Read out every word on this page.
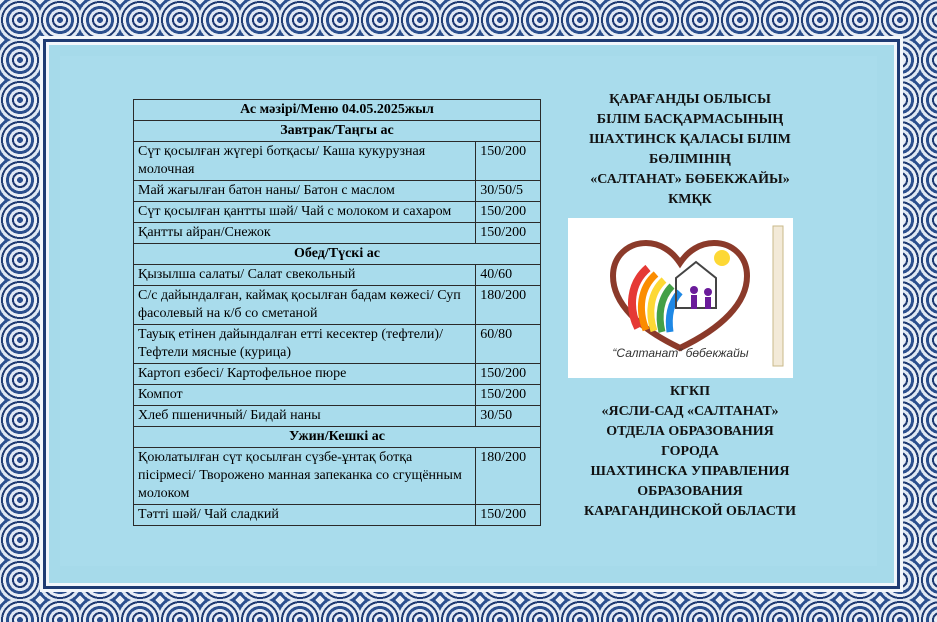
Ас мәзірі/Меню 04.05.2025жыл	
Завтрак/Таңгы ас	
Сүт қосылған жүгері ботқасы/ Каша кукурузная молочная	150/200
Май жағылған батон наны/ Батон с маслом	30/50/5
Сүт қосылған қантты шәй/ Чай с молоком и сахаром	150/200
Қантты айран/Снежок	150/200
Обед/Түскі ас	
Қызылша салаты/ Салат свекольный	40/60
С/с дайындалған, каймақ қосылған бадам көжесі/ Суп фасолевый на к/б со сметаной	180/200
Тауық етінен дайындалған етті кесектер (тефтели)/ Тефтели мясные (курица)	60/80
Картоп езбесі/ Картофельное пюре	150/200
Компот	150/200
Хлеб пшеничный/ Бидай наны	30/50
Ужин/Кешкі ас	
Қоюлатылған сүт қосылған сүзбе-ұнтақ ботқа пісірмесі/ Творожено манная запеканка со сгущённым молоком	180/200
Тәтті шәй/ Чай сладкий	150/200
ҚАРАҒАНДЫ ОБЛЫСЫ
БІЛІМ БАСҚАРМАСЫНЫҢ
ШАХТИНСК ҚАЛАСЫ БІЛІМ
БӨЛІМІНІҢ
«САЛТАНАТ» БӨБЕКЖАЙЫ»
КМҚК
“Салтанат” бөбекжайы
КГКП
«ЯСЛИ-САД «САЛТАНАТ»
ОТДЕЛА ОБРАЗОВАНИЯ
ГОРОДА
ШАХТИНСКА УПРАВЛЕНИЯ
ОБРАЗОВАНИЯ
КАРАГАНДИНСКОЙ ОБЛАСТИ
